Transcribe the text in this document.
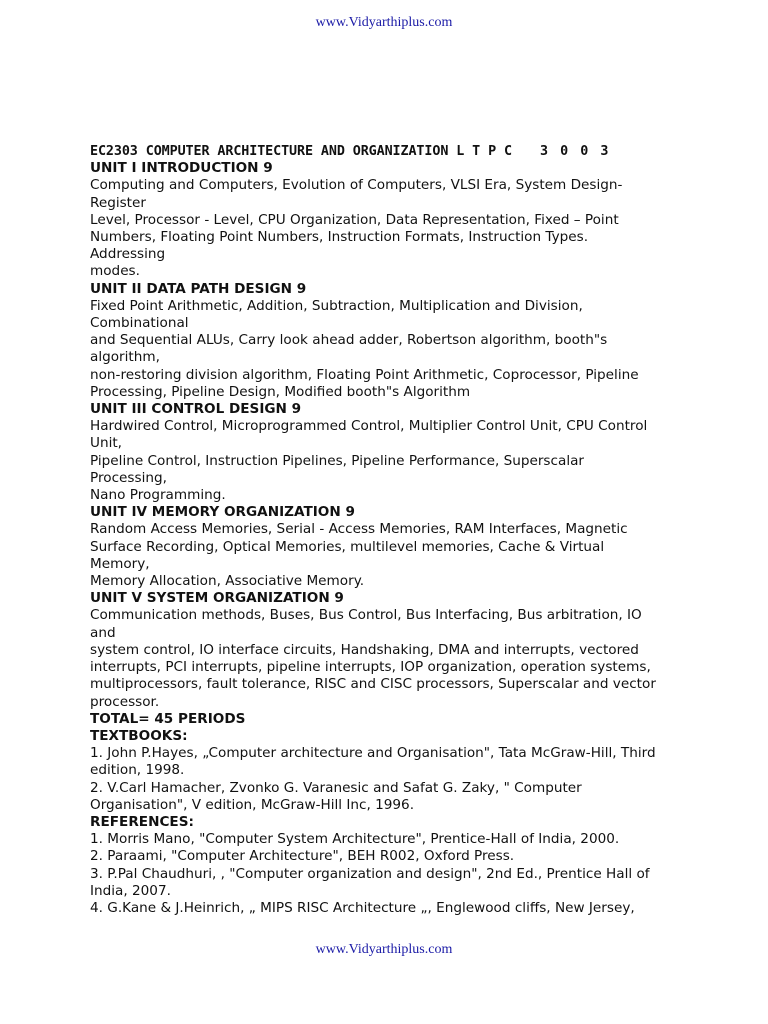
www.Vidyarthiplus.com
EC2303 COMPUTER ARCHITECTURE AND ORGANIZATION L T P C 3 0 0 3
UNIT I INTRODUCTION 9
Computing and Computers, Evolution of Computers, VLSI Era, System Design-
Register
Level, Processor - Level, CPU Organization, Data Representation, Fixed – Point
Numbers, Floating Point Numbers, Instruction Formats, Instruction Types.
Addressing
modes.
UNIT II DATA PATH DESIGN 9
Fixed Point Arithmetic, Addition, Subtraction, Multiplication and Division,
Combinational
and Sequential ALUs, Carry look ahead adder, Robertson algorithm, booth"s
algorithm,
non-restoring division algorithm, Floating Point Arithmetic, Coprocessor, Pipeline
Processing, Pipeline Design, Modified booth"s Algorithm
UNIT III CONTROL DESIGN 9
Hardwired Control, Microprogrammed Control, Multiplier Control Unit, CPU Control
Unit,
Pipeline Control, Instruction Pipelines, Pipeline Performance, Superscalar
Processing,
Nano Programming.
UNIT IV MEMORY ORGANIZATION 9
Random Access Memories, Serial - Access Memories, RAM Interfaces, Magnetic
Surface Recording, Optical Memories, multilevel memories, Cache & Virtual
Memory,
Memory Allocation, Associative Memory.
UNIT V SYSTEM ORGANIZATION 9
Communication methods, Buses, Bus Control, Bus Interfacing, Bus arbitration, IO
and
system control, IO interface circuits, Handshaking, DMA and interrupts, vectored
interrupts, PCI interrupts, pipeline interrupts, IOP organization, operation systems,
multiprocessors, fault tolerance, RISC and CISC processors, Superscalar and vector
processor.
TOTAL= 45 PERIODS
TEXTBOOKS:
1. John P.Hayes, „Computer architecture and Organisation", Tata McGraw-Hill, Third
edition, 1998.
2. V.Carl Hamacher, Zvonko G. Varanesic and Safat G. Zaky, " Computer
Organisation", V edition, McGraw-Hill Inc, 1996.
REFERENCES:
1. Morris Mano, "Computer System Architecture", Prentice-Hall of India, 2000.
2. Paraami, "Computer Architecture", BEH R002, Oxford Press.
3. P.Pal Chaudhuri, , "Computer organization and design", 2nd Ed., Prentice Hall of
India, 2007.
4. G.Kane & J.Heinrich, „ MIPS RISC Architecture „, Englewood cliffs, New Jersey,
www.Vidyarthiplus.com
